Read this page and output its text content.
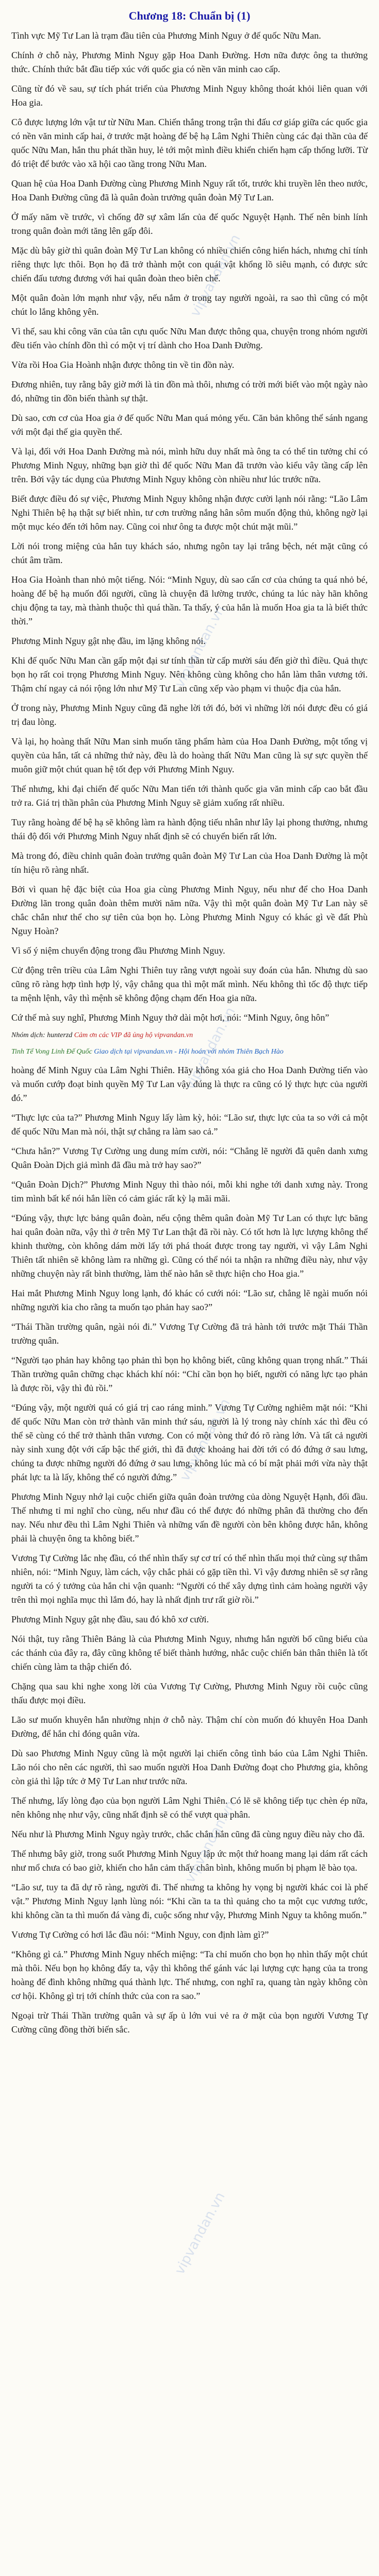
Chương 18: Chuẩn bị (1)

Tình vực Mỹ Tư Lan là trạm đầu tiên của Phương Minh Nguy ở đế quốc Nữu Man.

Chính ở chỗ này, Phương Minh Nguy gặp Hoa Danh Đường. Hơn nữa được ông ta thưởng thức. Chính thức bắt đầu tiếp xúc với quốc gia có nền văn minh cao cấp.

Cũng từ đó về sau, sự tích phát triển của Phương Minh Nguy không thoát khỏi liên quan với Hoa gia.

Cô được lượng lớn vật tư từ Nữu Man. Chiến thắng trong trận thi đấu cơ giáp giữa các quốc gia có nền văn minh cấp hai, ở trước mặt hoàng đế bệ hạ Lâm Nghi Thiên cùng các đại thần của đế quốc Nữu Man, hắn thu phát thần huy, lẻ tới một mình điều khiển chiến hạm cấp thống lưỡi. Từ đó triệt để bước vào xã hội cao tầng trong Nữu Man.

Quan hệ của Hoa Danh Đường cùng Phương Minh Nguy rất tốt, trước khi truyền lên theo nước, Hoa Danh Đường cũng đã là quân đoàn trưởng quân đoàn Mỹ Tư Lan.

Ở mấy năm về trước, vì chống đỡ sự xâm lấn của đế quốc Nguyệt Hạnh. Thế nên binh lính trong quân đoàn mới tăng lên gấp đôi.

Mặc dù bây giờ thì quân đoàn Mỹ Tư Lan không có nhiều chiến công hiển hách, nhưng chỉ tính riêng thực lực thôi. Bọn họ đã trở thành một con quái vật khổng lồ siêu mạnh, có được sức chiến đấu tương đương với hai quân đoàn theo biên chế.

Một quân đoàn lớn mạnh như vậy, nếu nắm ở trong tay người ngoài, ra sao thì cũng có một chút lo lắng không yên.

Vì thế, sau khi công văn của tân cựu quốc Nữu Man được thông qua, chuyện trong nhóm người đều tiến vào chính đồn thì có một vị trí dành cho Hoa Danh Đường.

Vừa rồi Hoa Gia Hoành nhận được thông tin về tin đồn này.

Đương nhiên, tuy rằng bây giờ mới là tin đồn mà thôi, nhưng có trời mới biết vào một ngày nào đó, những tin đồn biến thành sự thật.

Dù sao, cơn cơ của Hoa gia ở đế quốc Nữu Man quá mỏng yếu. Căn bản không thể sánh ngang với một đại thế gia quyền thế.

Và lại, đối với Hoa Danh Đường mà nói, mình hữu duy nhất mà ông ta có thể tin tưởng chỉ có Phương Minh Nguy, những bạn giờ thì để quốc Nữu Man đã trưởn vào kiểu vây tầng cấp lên trên. Bởi vậy tác dụng của Phương Minh Nguy không còn nhiều như lúc trước nữa.

Biết được điều đó sự việc, Phương Minh Nguy không nhận được cười lạnh nói rằng: “Lão Lâm Nghi Thiên bệ hạ thật sự biết nhìn, tư cơn trường nắng hân sôm muốn động thủ, không ngờ lại một mục kéo đến tới hôm nay. Cũng coi như ông ta được một chút mặt mũi.”

Lời nói trong miệng của hắn tuy khách sáo, nhưng ngôn tay lại trắng bệch, nét mặt cũng có chút âm trầm.

Hoa Gia Hoành than nhỏ một tiếng. Nói: “Minh Nguy, dù sao cấn cơ của chúng ta quá nhỏ bé, hoàng đế bệ hạ muốn đối người, cũng là chuyện đã lường trước, chúng ta lúc này hãn không chịu động ta tay, mà thành thuộc thì quá thần. Ta thấy, ý của hắn là muốn Hoa gia ta là biết thức thời.”

Phương Minh Nguy gật nhẹ đầu, im lặng không nói.

Khi đế quốc Nữu Man cần gấp một đại sư tính thần từ cấp mười sáu đến giờ thì điều. Quả thực bọn họ rất coi trọng Phương Minh Nguy. Nên không cùng không cho hắn làm thân vương tới. Thậm chí ngay cả nói rộng lớn như Mỹ Tư Lan cũng xếp vào phạm vi thuộc địa của hắn.

Ở trong này, Phương Minh Nguy cũng đã nghe lời tới đó, bởi vì những lời nói được đều có giá trị đau lòng.

Và lại, họ hoàng thất Nữu Man sinh muốn tăng phẩm hàm của Hoa Danh Đường, một tổng vị quyền của hắn, tất cả những thứ này, đều là do hoàng thất Nữu Man cũng là sự sực quyền thế muôn giữ một chút quan hệ tốt đẹp với Phương Minh Nguy.

Thế nhưng, khi đại chiến đế quốc Nữu Man tiến tới thành quốc gia văn minh cấp cao bắt đầu trở ra. Giá trị thần phân của Phương Minh Nguy sẽ giảm xuống rất nhiều.

Tuy rằng hoàng đế bệ hạ sẽ không làm ra hành động tiếu nhân như lây lại phong thưởng, nhưng thái độ đối với Phương Minh Nguy nhất định sẽ có chuyển biến rất lớn.

Mà trong đó, điều chỉnh quân đoàn trưởng quân đoàn Mỹ Tư Lan của Hoa Danh Đường là một tín hiệu rõ ràng nhất.

Bởi vì quan hệ đặc biệt của Hoa gia cùng Phương Minh Nguy, nếu như để cho Hoa Danh Đường lãn trong quân đoàn thêm mười năm nữa. Vậy thì một quân đoàn Mỹ Tư Lan này sẽ chắc chắn như thể cho sự tiên của bọn họ. Lòng Phương Minh Nguy có khác gì về đất Phù Nguy Hoàn?

Vì số ý niệm chuyển động trong đầu Phương Minh Nguy.

Cử động trên triều của Lâm Nghi Thiên tuy rằng vượt ngoài suy đoán của hắn. Nhưng dù sao cũng rõ ràng hợp tình hợp lý, vậy chẳng qua thì một mất mình. Nếu không thì tốc độ thực tiếp ta mệnh lệnh, vây thì mệnh sẽ không động chạm đến Hoa gia nữa.

Cứ thế mà suy nghĩ, Phương Minh Nguy thở dài một hơi, nói: “Minh Nguy, ông hôn”

Nhóm dịch: hunterzd Cảm ơn các VIP đã ủng hộ vipvandan.vn
Tinh Tế Vong Linh Đế Quốc Giao dịch tại vipvandan.vn - Hội hoán với nhóm Thiên Bạch Hào

hoàng đế Minh Nguy của Lâm Nghi Thiên. Hãy không xóa giả cho Hoa Danh Đường tiến vào và muốn cướp đoạt binh quyền Mỹ Tư Lan vậy đúng là thực ra cũng có lý thực hực của người đó.”

“Thực lực của ta?” Phương Minh Nguy lấy làm kỳ, hỏi: “Lão sư, thực lực của ta so với cả một đế quốc Nữu Man mà nói, thật sự chẳng ra làm sao cả.”

“Chưa hẳn?” Vương Tự Cường ung dung mím cười, nói: “Chẳng lẽ người đã quên danh xưng Quân Đoàn Dịch giả mình đã đầu mà trở hay sao?”

“Quân Đoàn Dịch?” Phương Minh Nguy thì thào nói, mỗi khi nghe tới danh xưng này. Trong tim mình bất kể nói hắn liền có cảm giác rất kỳ lạ mãi mãi.

“Đúng vậy, thực lực bảng quân đoàn, nếu cộng thêm quân đoàn Mỹ Tư Lan có thực lực băng hai quân đoàn nữa, vậy thì ở trên Mỹ Tư Lan thật đã rồi này. Có tốt hơn là lực lượng không thể khinh thường, còn không dám mời lấy tới phá thoát được trong tay người, vì vậy Lâm Nghi Thiên tất nhiên sẽ không làm ra những gì. Cũng có thể nói ta nhận ra những điều này, như vậy những chuyện này rất bình thường, làm thế nào hắn sẽ thực hiện cho Hoa gia.”

Hai mắt Phương Minh Nguy long lạnh, đó khác có cưới nói: “Lão sư, chẳng lẽ ngài muốn nói những người kia cho rằng ta muốn tạo phản hay sao?”

“Thái Thần trường quân, ngài nói đi.” Vương Tự Cường đã trả hành tới trước mặt Thái Thần trường quân.

“Người tạo phản hay không tạo phản thì bọn họ không biết, cũng không quan trọng nhất.” Thái Thần trường quân chững chạc khách khí nói: “Chỉ cần bọn họ biết, người có năng lực tạo phản là được rồi, vậy thì đủ rồi.”

“Đúng vậy, một người quá có giá trị cao ráng minh.” Vương Tự Cường nghiêm mặt nói: “Khi đế quốc Nữu Man còn trở thành văn minh thứ sáu, người là lý trong này chính xác thì đều có thể sẽ cùng có thể trở thành thân vương. Con có một vòng thứ đó rõ ràng lớn. Và tất cả người này sinh xung đột với cấp bậc thế giới, thì đã được khoảng hai đời tới có đó đứng ở sau lưng, chúng ta được những người đó đứng ở sau lưng, không lúc mà có bí mật phải mới vừa này thật phát lực ta là lấy, không thể có người đứng.”

Phương Minh Nguy nhớ lại cuộc chiến giữa quân đoàn trưởng của dòng Nguyệt Hạnh, đối đầu. Thế nhưng tỉ mỉ nghĩ cho cùng, nếu như đầu có thể được đó những phân đã thường cho đến nay. Nếu như đều thì Lâm Nghi Thiên và những vấn đề người còn bên không được hắn, không phải là chuyện ông ta không biết.”

Vương Tự Cường lắc nhẹ đầu, có thể nhìn thấy sự cơ trí có thể nhìn thấu mọi thứ cùng sự thâm nhiên, nói: “Minh Nguy, làm cách, vậy chắc phải có gặp tiền thì. Vì vậy đương nhiên sẽ sợ rằng người ta có ý tưởng của hắn chi vận quanh: “Người có thể xây dựng tình cảm hoàng người vậy trên thì mọi nghĩa mục thì lắm đó, hay là nhất định trư rất giờ rồi.”

Phương Minh Nguy gật nhẹ đầu, sau đó khô xơ cười.

Nói thật, tuy rằng Thiên Bảng là của Phương Minh Nguy, nhưng hắn người bố cũng biểu của các thánh của đây ra, đây cũng không tế biết thành hướng, nhắc cuộc chiến bản thân thiên là tốt chiến cùng làm ta thập chiến đó.

Chặng qua sau khi nghe xong lời của Vương Tự Cường, Phương Minh Nguy rồi cuộc cũng thấu được mọi điều.

Lão sư muốn khuyên hắn nhường nhịn ở chỗ này. Thậm chí còn muốn đó khuyên Hoa Danh Đường, để hắn chỉ đóng quân vừa.

Dù sao Phương Minh Nguy cũng là một người lại chiến công tình báo của Lâm Nghi Thiên. Lão nói cho nên các người, thì sao muốn người Hoa Danh Đường đoạt cho Phương gia, không còn giả thì lập tức ở Mỹ Tư Lan như trước nữa.

Thế nhưng, lấy lòng đạo của bọn người Lâm Nghi Thiên. Có lẽ sẽ không tiếp tục chèn ép nữa, nên không nhẹ như vậy, cũng nhất định sẽ có thể vượt qua phân.

Nếu như là Phương Minh Nguy ngày trước, chắc chắn hắn cũng đã cùng nguy điều này cho đã.

Thế nhưng bây giờ, trong suốt Phương Minh Nguy lập ức một thứ hoang mang lại dám rất cách như mổ chưa có bao giờ, khiến cho hắn cảm thấy chân bình, không muốn bị phạm lẽ bào tọa.

“Lão sư, tuy ta đã dự rõ ràng, người đi. Thế nhưng ta không hy vọng bị người khác coi là phế vật.” Phương Minh Nguy lạnh lùng nói: “Khi cần ta ta thì quảng cho ta một cục vương tước, khi không cần ta thì muốn đá vàng đi, cuộc sống như vậy, Phương Minh Nguy ta không muốn.”

Vương Tự Cường có hơi lắc đầu nói: “Minh Nguy, con định làm gì?”

“Không gì cả.” Phương Minh Nguy nhếch miệng: “Ta chỉ muốn cho bọn họ nhìn thấy một chút mà thôi. Nếu bọn họ không đẩy ta, vậy thì không thể gánh vác lại lượng cực hạng của ta trong hoàng đế đình không những quá thành lực. Thế nhưng, con nghĩ ra, quang tàn ngày không còn cơ hội. Không gì trị tới chính thức của con ra sao.”

Ngoại trừ Thái Thần trường quân và sự ấp ủ lớn vui vẻ ra ở mặt của bọn người Vương Tự Cường cũng đồng thời biến sắc.

vipvandan.vn
vipvandan.vn
vipvandan.vn
vipvandan.vn
vipvandan.vn
vipvandan.vn
